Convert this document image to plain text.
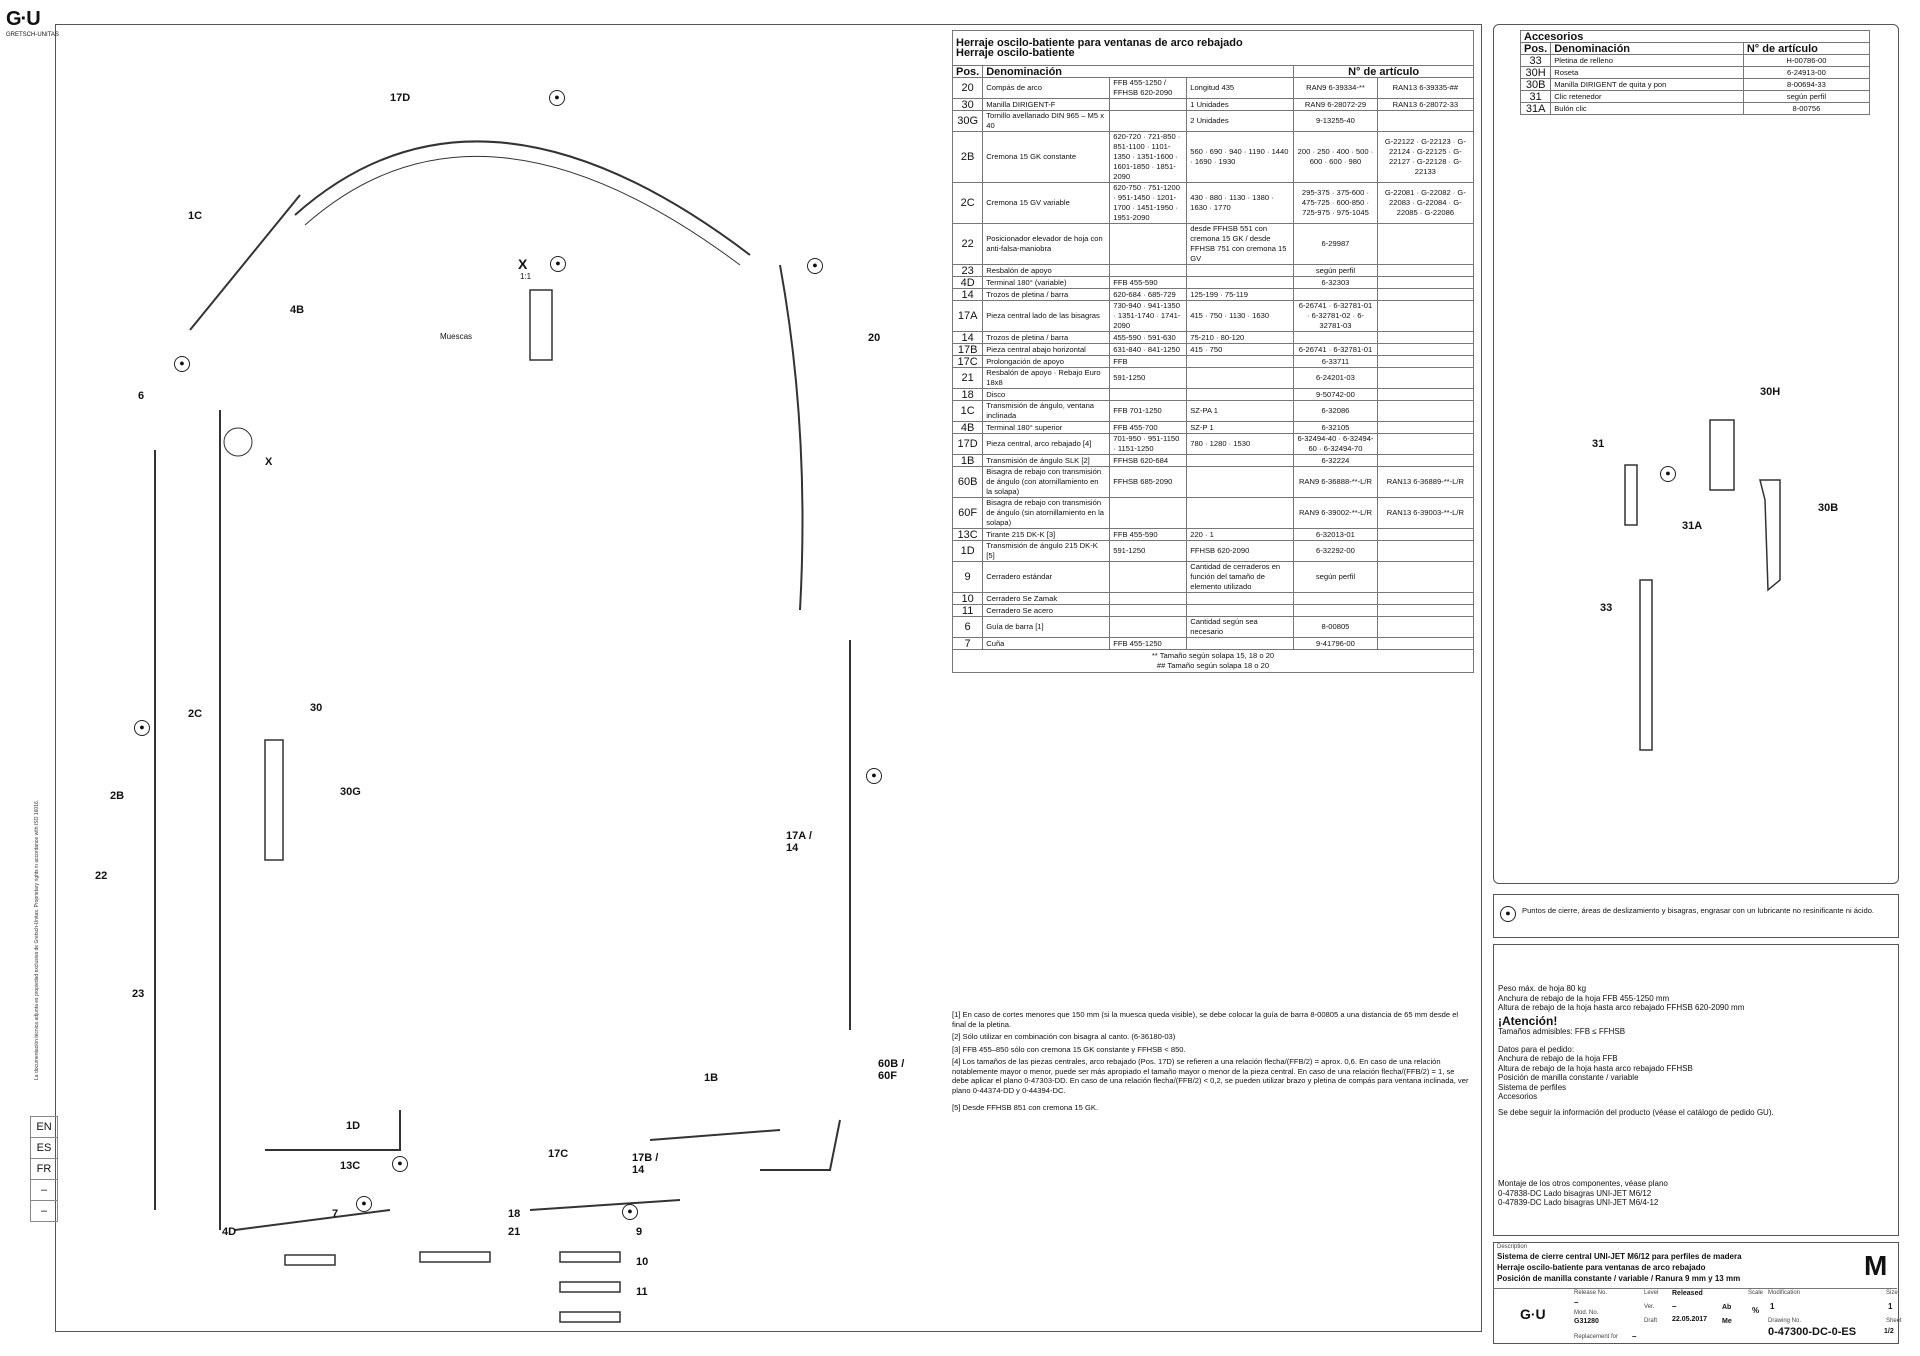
G·U
GRETSCH-UNITAS
La documentación técnica adjunta es propiedad exclusiva de Gretsch-Unitas. Proprietary rights in accordance with ISO 16016.
EN
ES
FR
–
–
17D
1C
4B
6
X
2C	30
30G
2B
22
23
4D
1D
13C
7	18
21	9
10
11
17C	17B / 14
1B
60B / 60F
17A / 14
20
X
1:1
Muescas
●
●	●
●
●
●
●
●
●
Herraje oscilo-batiente para ventanas de arco rebajado
Herraje oscilo-batiente					

Pos.	Denominación			N° de artículo	
20	Compás de arco	FFB 455-1250 / FFHSB 620-2090	Longitud 435	RAN9 6-39334-**	RAN13 6-39335-##
30	Manilla DIRIGENT-F		1 Unidades	RAN9 6-28072-29	RAN13 6-28072-33
30G	Tornillo avellanado DIN 965 – M5 x 40		2 Unidades	9-13255-40	
2B	Cremona 15 GK constante	620-720 · 721-850 · 851-1100 · 1101-1350 · 1351-1600 · 1601-1850 · 1851-2090	560 · 690 · 940 · 1190 · 1440 · 1690 · 1930	200 · 250 · 400 · 500 · 600 · 600 · 980	G-22122 · G-22123 · G-22124 · G-22125 · G-22127 · G-22128 · G-22133
2C	Cremona 15 GV variable	620-750 · 751-1200 · 951-1450 · 1201-1700 · 1451-1950 · 1951-2090	430 · 880 · 1130 · 1380 · 1630 · 1770	295-375 · 375-600 · 475-725 · 600-850 · 725-975 · 975-1045	G-22081 · G-22082 · G-22083 · G-22084 · G-22085 · G-22086
22	Posicionador elevador de hoja con anti-falsa-maniobra		desde FFHSB 551 con cremona 15 GK / desde FFHSB 751 con cremona 15 GV	6-29987	
23	Resbalón de apoyo			según perfil	
4D	Terminal 180° (variable)	FFB 455-590		6-32303	
14	Trozos de pletina / barra	620-684 · 685-729	125-199 · 75-119		
17A	Pieza central lado de las bisagras	730-940 · 941-1350 · 1351-1740 · 1741-2090	415 · 750 · 1130 · 1630	6-26741 · 6-32781-01 · 6-32781-02 · 6-32781-03	
14	Trozos de pletina / barra	455-590 · 591-630	75-210 · 80-120		
17B	Pieza central abajo horizontal	631-840 · 841-1250	415 · 750	6-26741 · 6-32781-01	
17C	Prolongación de apoyo	FFB		6-33711	
21	Resbalón de apoyo · Rebajo Euro 18x8	591-1250		6-24201-03	
18	Disco			9-50742-00	
1C	Transmisión de ángulo, ventana inclinada	FFB 701-1250	SZ-PA 1	6-32086	
4B	Terminal 180° superior	FFB 455-700	SZ-P 1	6-32105	
17D	Pieza central, arco rebajado [4]	701-950 · 951-1150 · 1151-1250	780 · 1280 · 1530	6-32494-40 · 6-32494-60 · 6-32494-70	
1B	Transmisión de ángulo SLK [2]	FFHSB 620-684		6-32224	
60B	Bisagra de rebajo con transmisión de ángulo (con atornillamiento en la solapa)	FFHSB 685-2090		RAN9 6-36888-**-L/R	RAN13 6-36889-**-L/R
60F	Bisagra de rebajo con transmisión de ángulo (sin atornillamiento en la solapa)			RAN9 6-39002-**-L/R	RAN13 6-39003-**-L/R
13C	Tirante 215 DK-K [3]	FFB 455-590	220 · 1	6-32013-01	
1D	Transmisión de ángulo 215 DK-K [5]	591-1250	FFHSB 620-2090	6-32292-00	
9	Cerradero estándar		Cantidad de cerraderos en función del tamaño de elemento utilizado	según perfil	
10	Cerradero Se Zamak				
11	Cerradero Se acero				
6	Guía de barra [1]		Cantidad según sea necesario	8-00805	
7	Cuña	FFB 455-1250		9-41796-00	

** Tamaño según solapa 15, 18 o 20
## Tamaño según solapa 18 o 20					
[1] En caso de cortes menores que 150 mm (si la muesca queda visible), se debe colocar la guía de barra 8-00805 a una distancia de 65 mm desde el final de la pletina.
[2] Sólo utilizar en combinación con bisagra al canto. (6-36180-03)
[3] FFB 455–850 sólo con cremona 15 GK constante y FFHSB < 850.
[4] Los tamaños de las piezas centrales, arco rebajado (Pos. 17D) se refieren a una relación flecha/(FFB/2) = aprox. 0,6. En caso de una relación notablemente mayor o menor, puede ser más apropiado el tamaño mayor o menor de la pieza central. En caso de una relación flecha/(FFB/2) = 1, se debe aplicar el plano 0-47303-DD. En caso de una relación flecha/(FFB/2) < 0,2, se pueden utilizar brazo y pletina de compás para ventana inclinada, ver plano 0-44374-DD y 0-44394-DC.
[5] Desde FFHSB 851 con cremona 15 GK.
Accesorios		
Pos.	Denominación	N° de artículo
33	Pletina de relleno	H-00786-00
30H	Roseta	6-24913-00
30B	Manilla DIRIGENT de quita y pon	8-00694-33
31	Clic retenedor	según perfil
31A	Bulón clic	8-00756
30H
31
31A
30B
33
●
●	Puntos de cierre, áreas de deslizamiento y bisagras, engrasar con un lubricante no resinificante ni ácido.
Peso máx. de hoja 80 kg
Anchura de rebajo de la hoja FFB 455-1250 mm
Altura de rebajo de la hoja hasta arco rebajado FFHSB 620-2090 mm
¡Atención!
Tamaños admisibles: FFB ≤ FFHSB
Datos para el pedido:
Anchura de rebajo de la hoja FFB
Altura de rebajo de la hoja hasta arco rebajado FFHSB
Posición de manilla constante / variable
Sistema de perfiles
Accesorios
Se debe seguir la información del producto (véase el catálogo de pedido GU).
Montaje de los otros componentes, véase plano
0-47838-DC Lado bisagras UNI-JET M6/12
0-47839-DC Lado bisagras UNI-JET M6/4-12
Description
Sistema de cierre central UNI-JET M6/12 para perfiles de madera
Herraje oscilo-batiente para ventanas de arco rebajado
Posición de manilla constante / variable / Ranura 9 mm y 13 mm	M
G·U
Release No.
–
Mod. No.
G31280
Replacement for –
Level Released
Ver. –
Draft 22.05.2017
Ab
Me
Scale
%
Modification
1
Drawing No.
0-47300-DC-0-ES
Size
1
Sheet
1/2
